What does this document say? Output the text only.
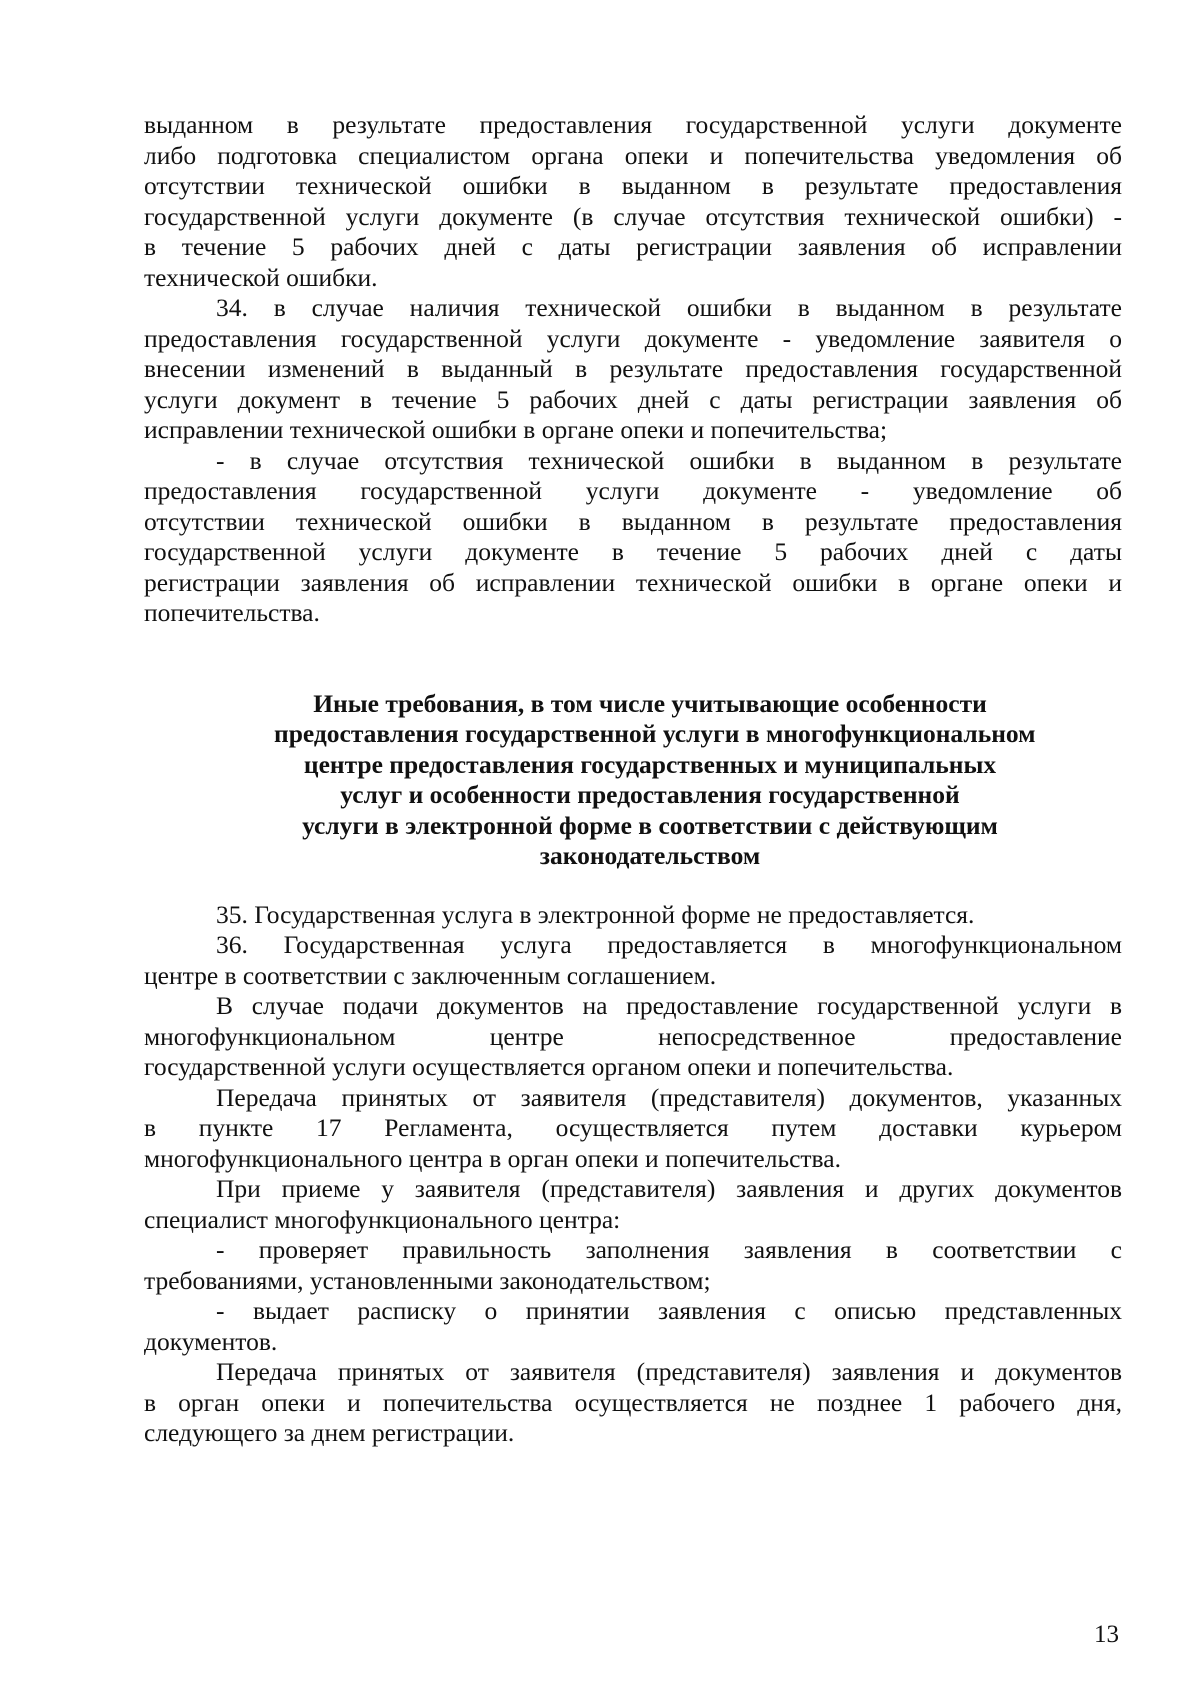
выданном в результате предоставления государственной услуги документе
либо подготовка специалистом органа опеки и попечительства уведомления об
отсутствии технической ошибки в выданном в результате предоставления
государственной услуги документе (в случае отсутствия технической ошибки) -
в течение 5 рабочих дней с даты регистрации заявления об исправлении
технической ошибки.
34. в случае наличия технической ошибки в выданном в результате
предоставления государственной услуги документе - уведомление заявителя о
внесении изменений в выданный в результате предоставления государственной
услуги документ в течение 5 рабочих дней с даты регистрации заявления об
исправлении технической ошибки в органе опеки и попечительства;
- в случае отсутствия технической ошибки в выданном в результате
предоставления государственной услуги документе - уведомление об
отсутствии технической ошибки в выданном в результате предоставления
государственной услуги документе в течение 5 рабочих дней с даты
регистрации заявления об исправлении технической ошибки в органе опеки и
попечительства.
Иные требования, в том числе учитывающие особенности
предоставления государственной услуги в многофункциональном
центре предоставления государственных и муниципальных
услуг и особенности предоставления государственной
услуги в электронной форме в соответствии с действующим
законодательством
35. Государственная услуга в электронной форме не предоставляется.
36. Государственная услуга предоставляется в многофункциональном
центре в соответствии с заключенным соглашением.
В случае подачи документов на предоставление государственной услуги в
многофункциональном центре непосредственное предоставление
государственной услуги осуществляется органом опеки и попечительства.
Передача принятых от заявителя (представителя) документов, указанных
в пункте 17 Регламента, осуществляется путем доставки курьером
многофункционального центра в орган опеки и попечительства.
При приеме у заявителя (представителя) заявления и других документов
специалист многофункционального центра:
- проверяет правильность заполнения заявления в соответствии с
требованиями, установленными законодательством;
- выдает расписку о принятии заявления с описью представленных
документов.
Передача принятых от заявителя (представителя) заявления и документов
в орган опеки и попечительства осуществляется не позднее 1 рабочего дня,
следующего за днем регистрации.
13
